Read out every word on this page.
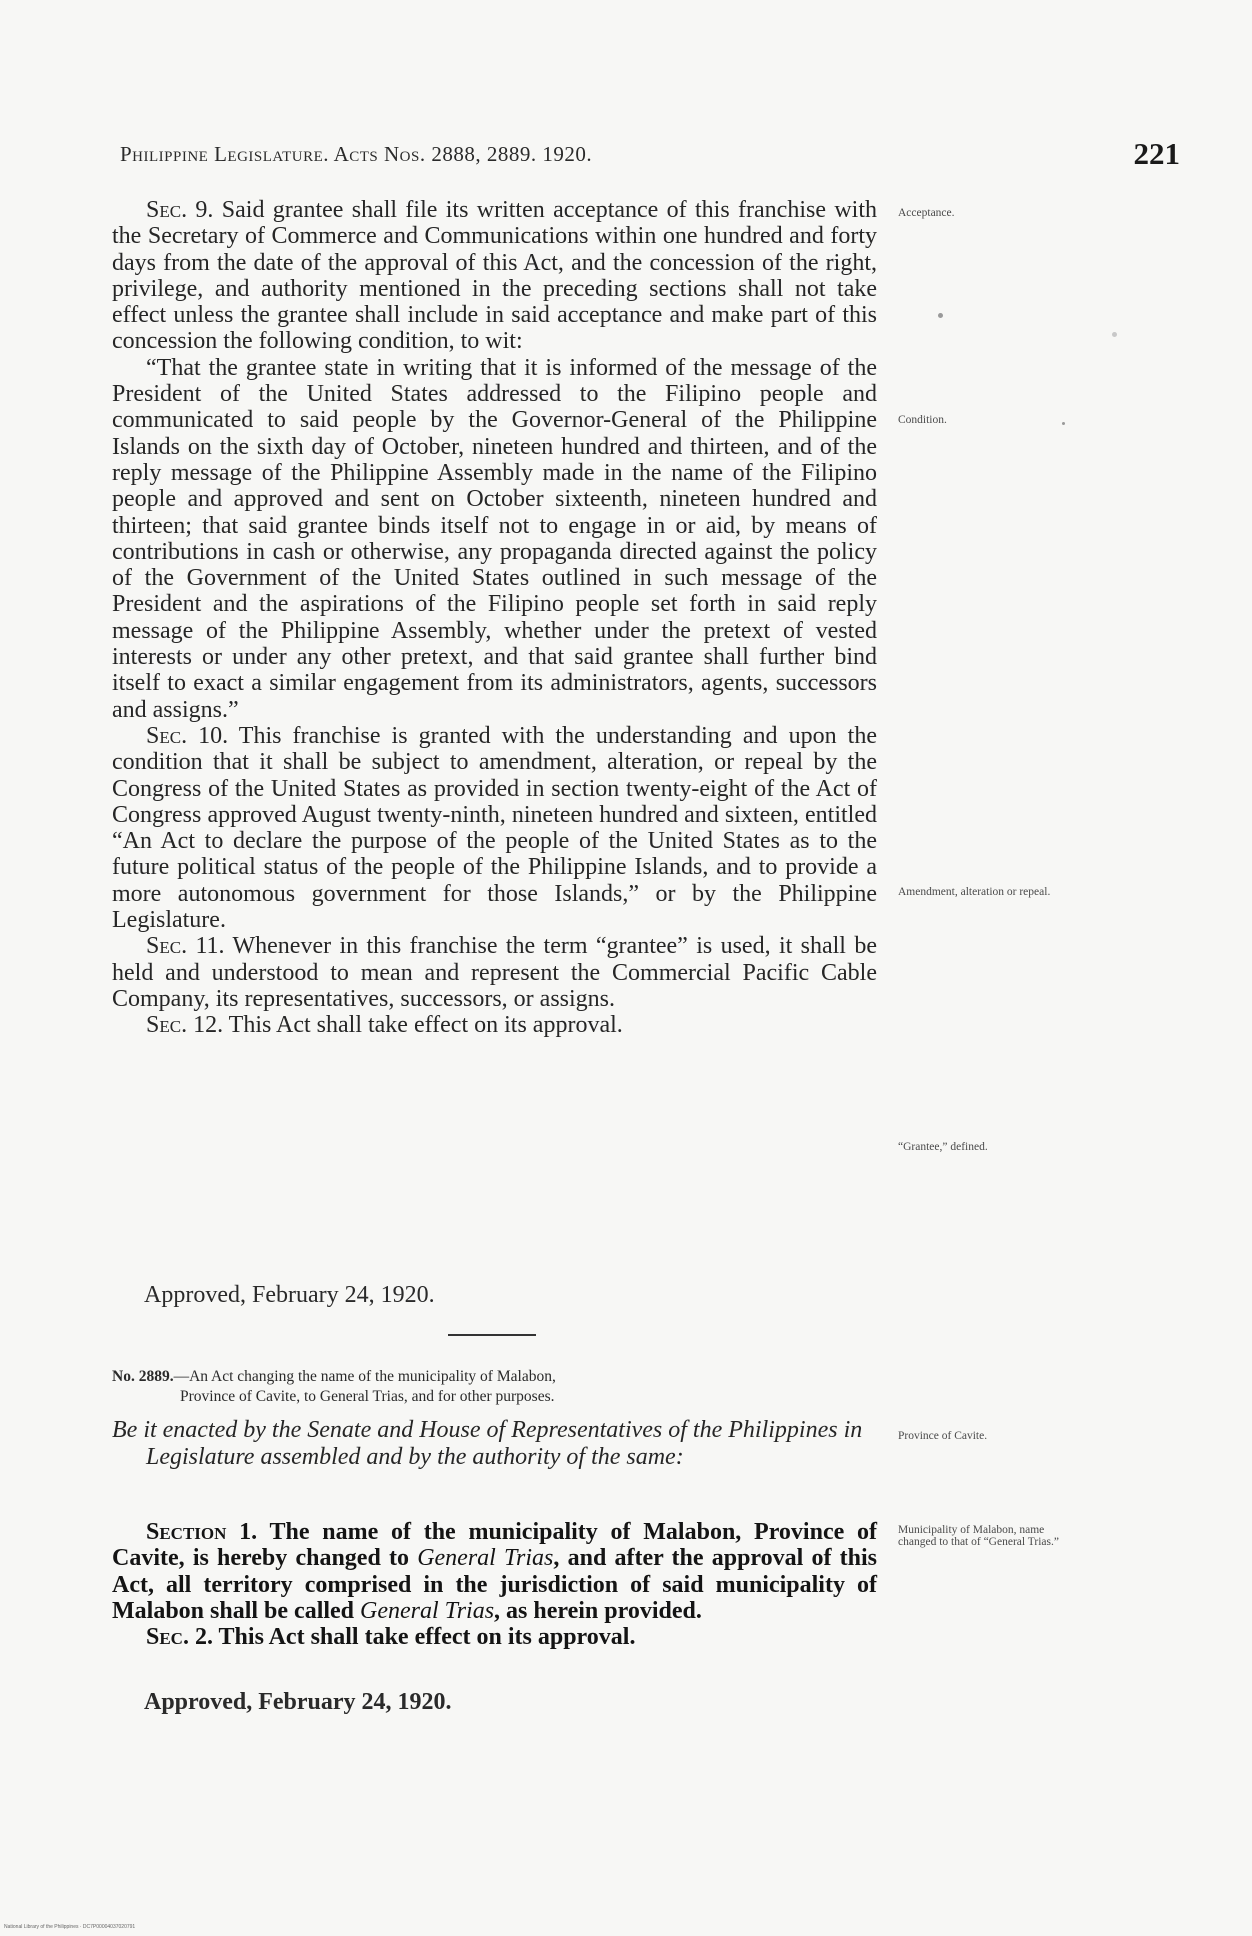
Philippine Legislature. Acts Nos. 2888, 2889. 1920.	221

Sec. 9. Said grantee shall file its written acceptance of this franchise with the Secretary of Commerce and Communications within one hundred and forty days from the date of the approval of this Act, and the concession of the right, privilege, and authority mentioned in the preceding sections shall not take effect unless the grantee shall include in said acceptance and make part of this concession the following condition, to wit:

“That the grantee state in writing that it is informed of the message of the President of the United States addressed to the Filipino people and communicated to said people by the Governor-General of the Philippine Islands on the sixth day of October, nineteen hundred and thirteen, and of the reply message of the Philippine Assembly made in the name of the Filipino people and approved and sent on October sixteenth, nineteen hundred and thirteen; that said grantee binds itself not to engage in or aid, by means of contributions in cash or otherwise, any propaganda directed against the policy of the Government of the United States outlined in such message of the President and the aspirations of the Filipino people set forth in said reply message of the Philippine Assembly, whether under the pretext of vested interests or under any other pretext, and that said grantee shall further bind itself to exact a similar engagement from its administrators, agents, successors and assigns.”

Sec. 10. This franchise is granted with the understanding and upon the condition that it shall be subject to amendment, alteration, or repeal by the Congress of the United States as provided in section twenty-eight of the Act of Congress approved August twenty-ninth, nineteen hundred and sixteen, entitled “An Act to declare the purpose of the people of the United States as to the future political status of the people of the Philippine Islands, and to provide a more autonomous government for those Islands,” or by the Philippine Legislature.

Sec. 11. Whenever in this franchise the term “grantee” is used, it shall be held and understood to mean and represent the Commercial Pacific Cable Company, its representatives, successors, or assigns.

Sec. 12. This Act shall take effect on its approval.

Approved, February 24, 1920.
No. 2889.—An Act changing the name of the municipality of Malabon,
Province of Cavite, to General Trias, and for other purposes.
Be it enacted by the Senate and House of Representatives of the Philippines in Legislature assembled and by the authority of the same:

Section 1. The name of the municipality of Malabon, Province of Cavite, is hereby changed to General Trias, and after the approval of this Act, all territory comprised in the jurisdiction of said municipality of Malabon shall be called General Trias, as herein provided.

Sec. 2. This Act shall take effect on its approval.

Approved, February 24, 1920.
Acceptance.
Condition.
Amendment, alteration or repeal.
“Grantee,” defined.
Province of Cavite.
Municipality of Malabon, name changed to that of “General Trias.”
National Library of the Philippines · DC7P00004037020791
